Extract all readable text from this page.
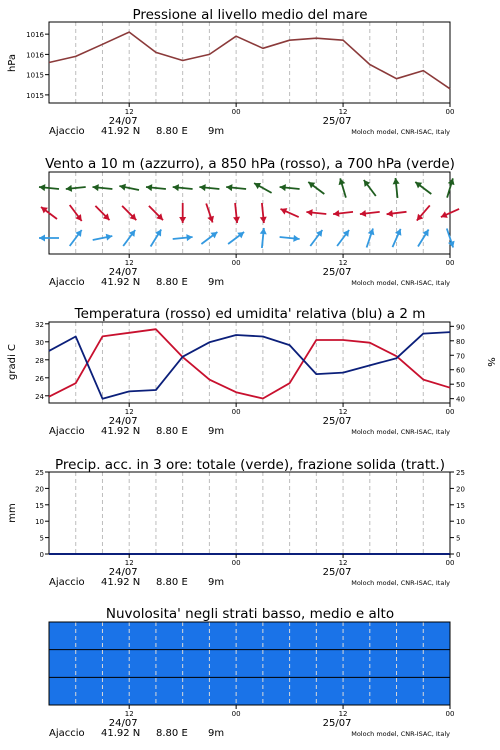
Pressione al livello medio del mare
1016
1016
1015
1015
hPa
12	00	12	00
24/07	25/07
Ajaccio 41.92 N 8.80 E 9m	Moloch model, CNR-ISAC, Italy
Vento a 10 m (azzurro), a 850 hPa (rosso), a 700 hPa (verde)
12	00	12	00
24/07	25/07
Ajaccio 41.92 N 8.80 E 9m	Moloch model, CNR-ISAC, Italy
Temperatura (rosso) ed umidita' relativa (blu) a 2 m
32
30
28
26
24
90
80
70
60
50
40
gradi C	%
12	00	12	00
24/07	25/07
Ajaccio 41.92 N 8.80 E 9m	Moloch model, CNR-ISAC, Italy
Precip. acc. in 3 ore: totale (verde), frazione solida (tratt.)
25
20
15
10
5
0
25
20
15
10
5
0
mm
12	00	12	00
24/07	25/07
Ajaccio 41.92 N 8.80 E 9m	Moloch model, CNR-ISAC, Italy
Nuvolosita' negli strati basso, medio e alto
12	00	12	00
24/07	25/07
Ajaccio 41.92 N 8.80 E 9m	Moloch model, CNR-ISAC, Italy
